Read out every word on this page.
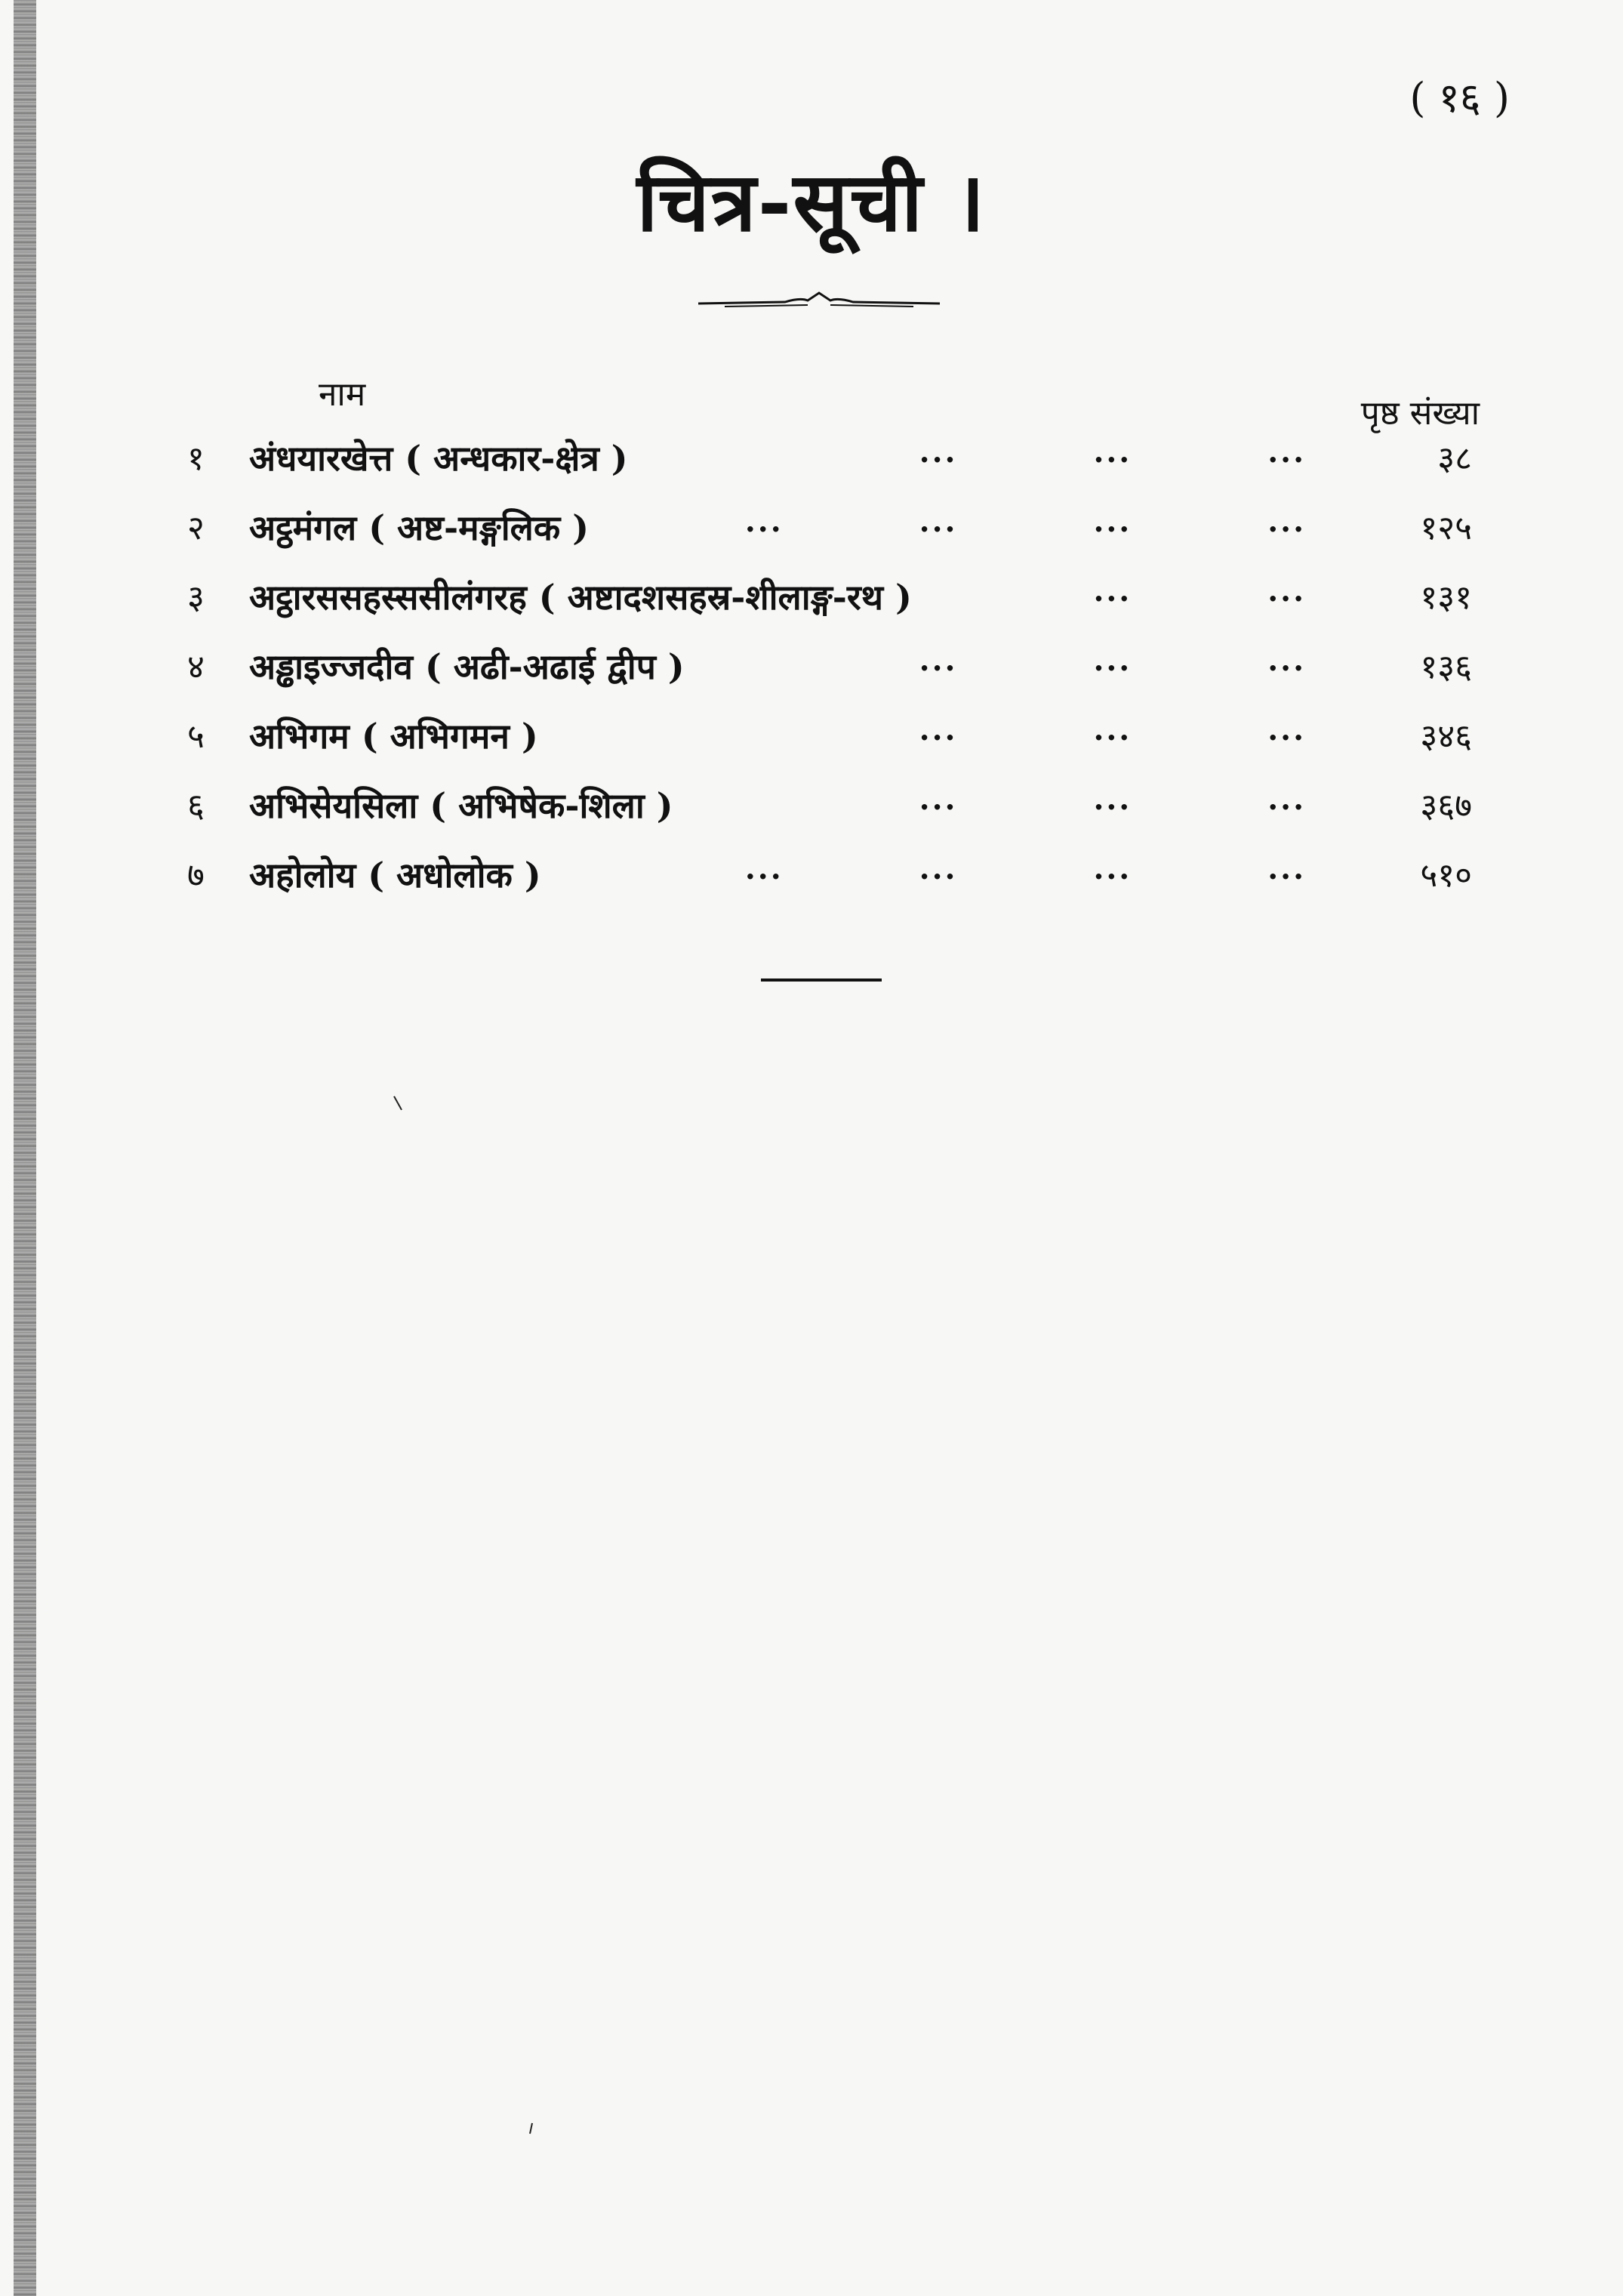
( १६ )
चित्र-सूची ।
नाम	पृष्ठ संख्या
१ अंधयारखेत्त ( अन्धकार-क्षेत्र )	...	...	...	३८
२ अट्ठमंगल ( अष्ट-मङ्गलिक )	...	...	...	...	१२५
३ अट्ठारससहस्ससीलंगरह ( अष्टादशसहस्र-शीलाङ्ग-रथ )	...	...	१३१
४ अड्ढाइज्जदीव ( अढी-अढाई द्वीप )	...	...	...	१३६
५ अभिगम ( अभिगमन )	...	...	...	३४६
६ अभिसेयसिला ( अभिषेक-शिला )	...	...	...	३६७
७ अहोलोय ( अधोलोक )	...	...	...	...	५१०
